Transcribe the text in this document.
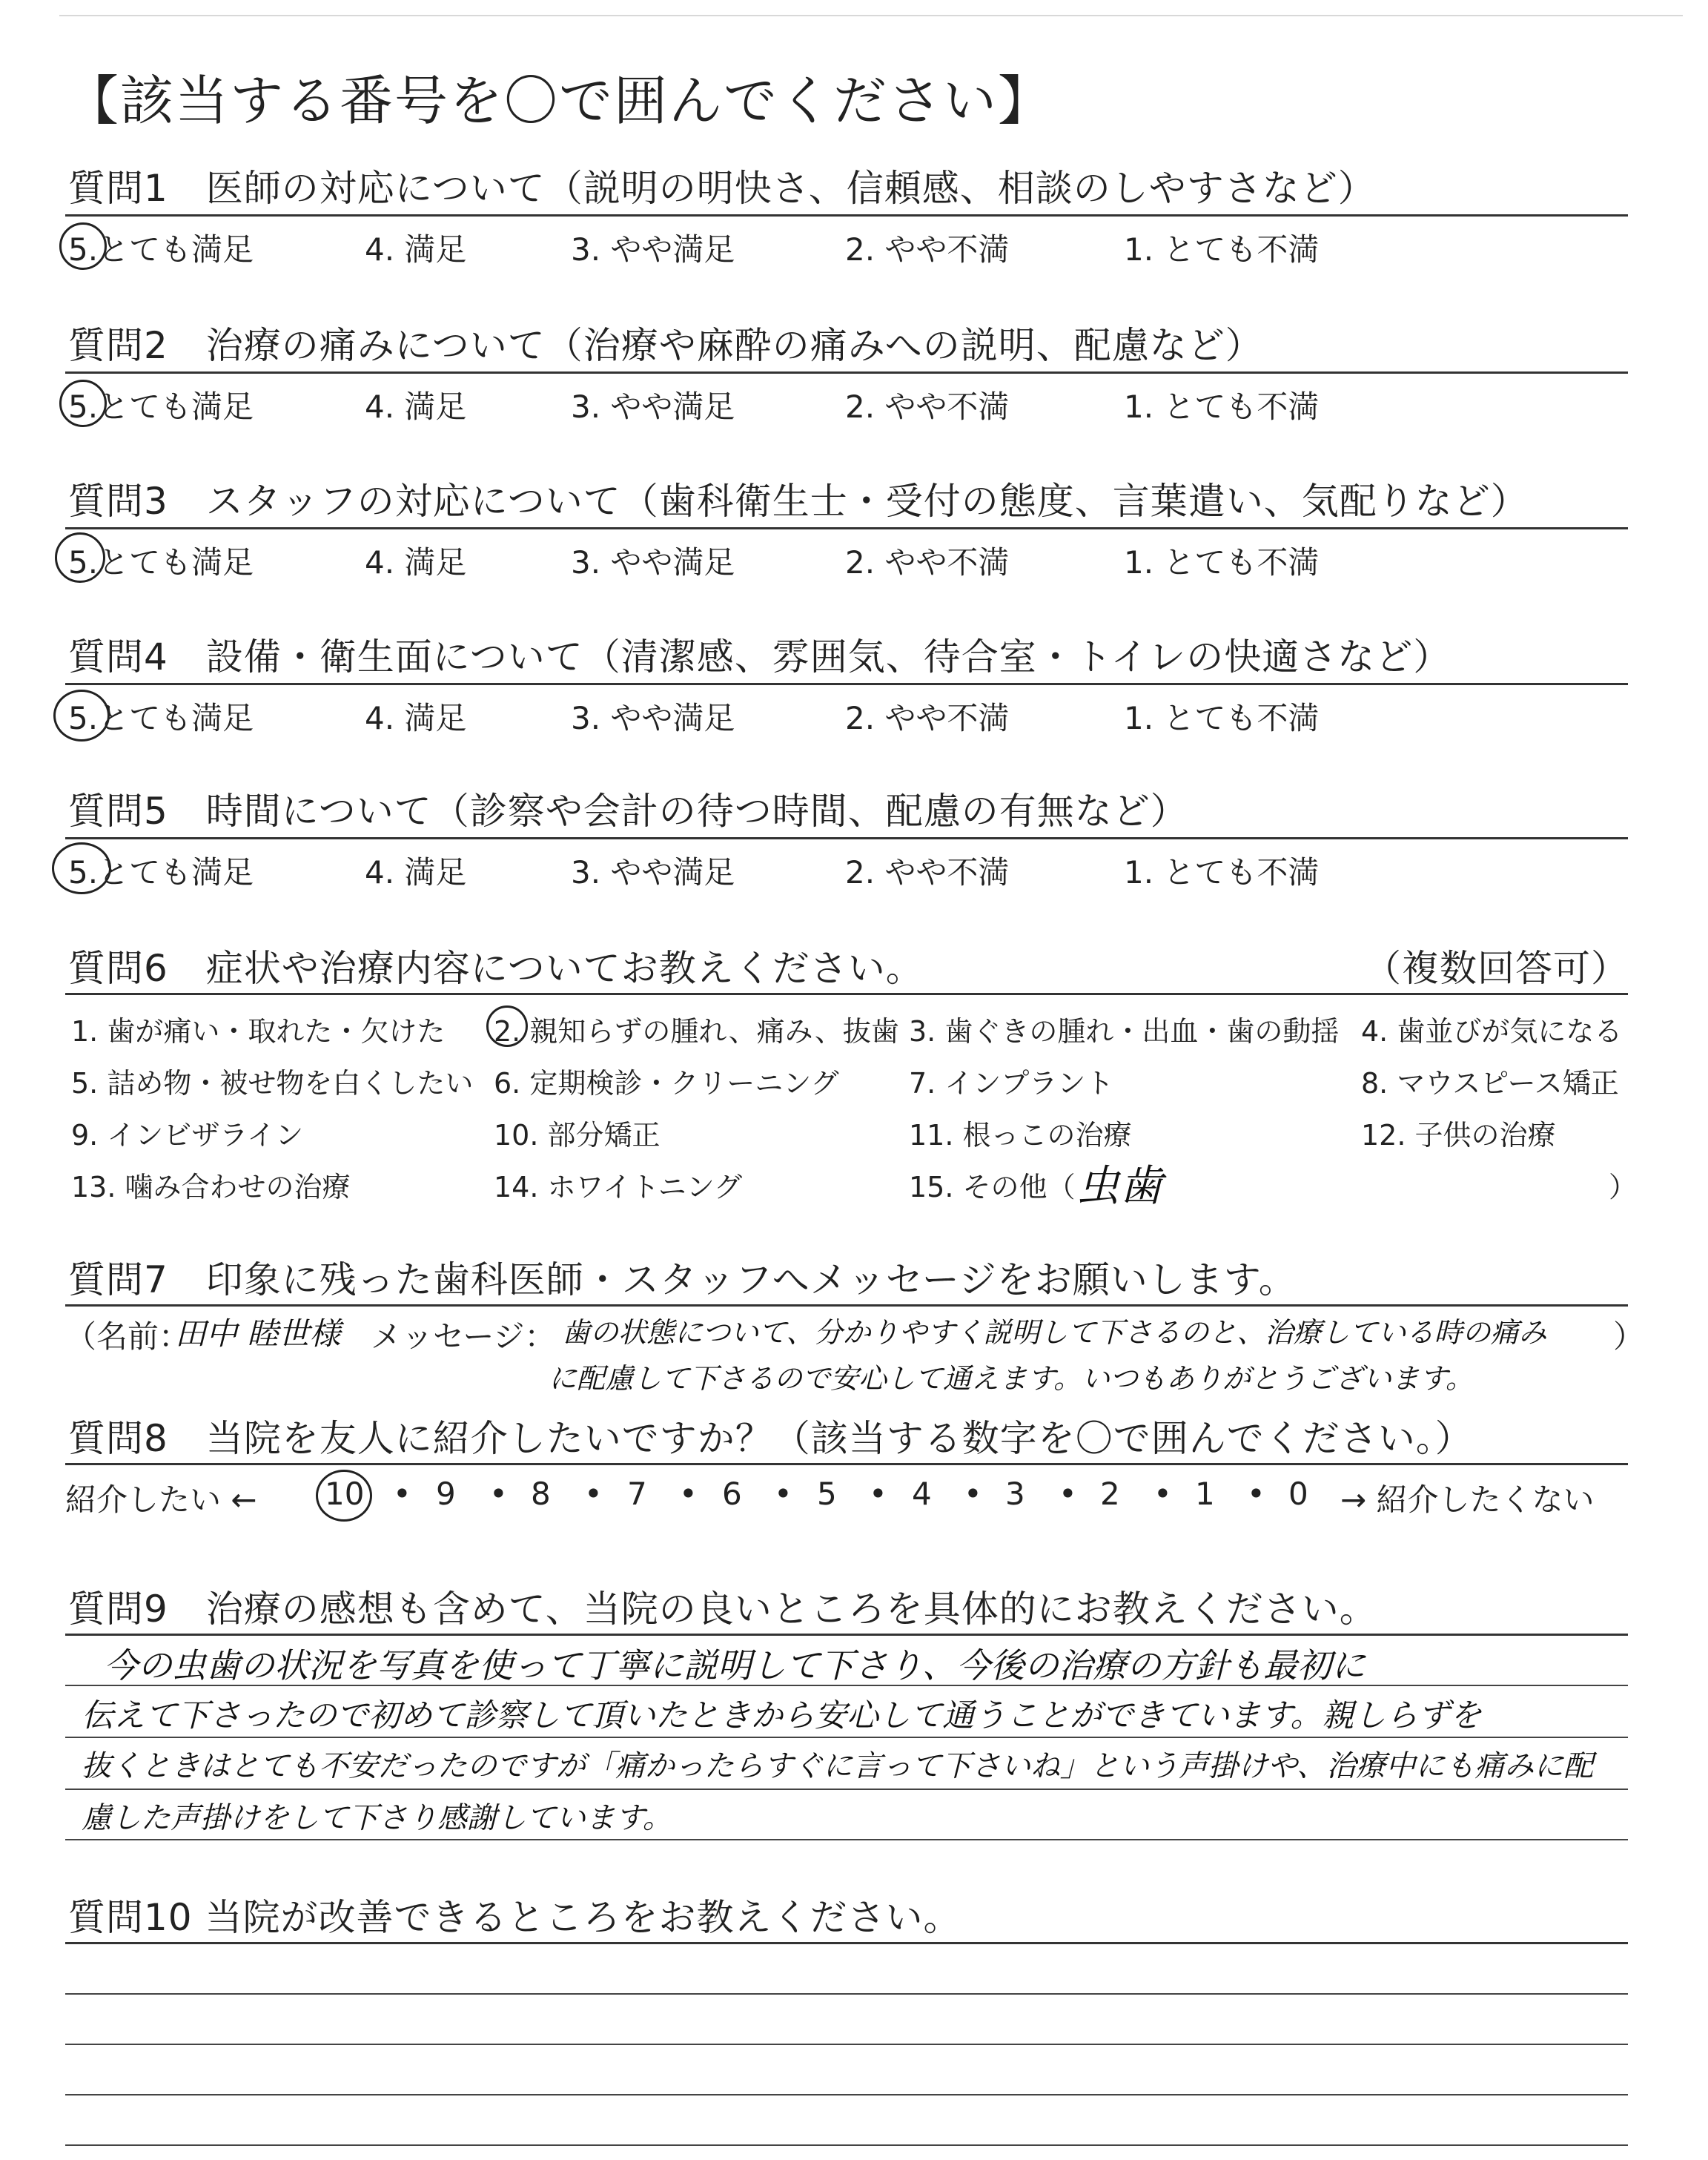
【該当する番号を〇で囲んでください】
質問1　医師の対応について（説明の明快さ、信頼感、相談のしやすさなど）
5.とても満足	4. 満足	3. やや満足	2. やや不満	1. とても不満
質問2　治療の痛みについて（治療や麻酔の痛みへの説明、配慮など）
5.とても満足	4. 満足	3. やや満足	2. やや不満	1. とても不満
質問3　スタッフの対応について（歯科衛生士・受付の態度、言葉遣い、気配りなど）
5.とても満足	4. 満足	3. やや満足	2. やや不満	1. とても不満
質問4　設備・衛生面について（清潔感、雰囲気、待合室・トイレの快適さなど）
5.とても満足	4. 満足	3. やや満足	2. やや不満	1. とても不満
質問5　時間について（診察や会計の待つ時間、配慮の有無など）
5.とても満足	4. 満足	3. やや満足	2. やや不満	1. とても不満
質問6　症状や治療内容についてお教えください。	（複数回答可）
1. 歯が痛い・取れた・欠けた 2. 親知らずの腫れ、痛み、抜歯 3. 歯ぐきの腫れ・出血・歯の動揺 4. 歯並びが気になる
5. 詰め物・被せ物を白くしたい 6. 定期検診・クリーニング 7. インプラント	8. マウスピース矯正
9. インビザライン	10. 部分矯正	11. 根っこの治療	12. 子供の治療
13. 噛み合わせの治療	14. ホワイトニング	15. その他（ 虫歯	）
質問7　印象に残った歯科医師・スタッフへメッセージをお願いします。
（名前：
田中 睦世様 メッセージ： 歯の状態について、分かりやすく説明して下さるのと、治療している時の痛み
に配慮して下さるので安心して通えます。いつもありがとうございます。
）
質問8　当院を友人に紹介したいですか？（該当する数字を〇で囲んでください。）
紹介したい ← 10 9 8 7 6 5 4 3 2 1 0
•	• • • • • • • • • → 紹介したくない
質問9　治療の感想も含めて、当院の良いところを具体的にお教えください。
今の虫歯の状況を写真を使って丁寧に説明して下さり、今後の治療の方針も最初に
伝えて下さったので初めて診察して頂いたときから安心して通うことができています。親しらずを
抜くときはとても不安だったのですが「痛かったらすぐに言って下さいね」という声掛けや、治療中にも痛みに配
慮した声掛けをして下さり感謝しています。
質問10 当院が改善できるところをお教えください。
